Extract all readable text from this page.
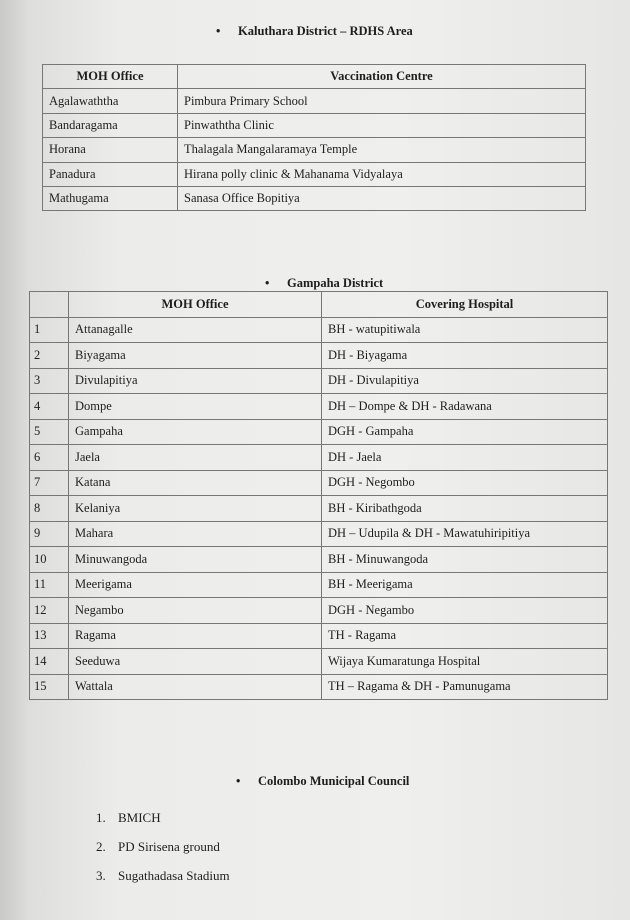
• Kaluthara District – RDHS Area
MOH Office	Vaccination Centre
Agalawaththa	Pimbura Primary School
Bandaragama	Pinwaththa Clinic
Horana	Thalagala Mangalaramaya Temple
Panadura	Hirana polly clinic & Mahanama Vidyalaya
Mathugama	Sanasa Office Bopitiya
• Gampaha District
	MOH Office	Covering Hospital
1	Attanagalle	BH - watupitiwala
2	Biyagama	DH - Biyagama
3	Divulapitiya	DH - Divulapitiya
4	Dompe	DH – Dompe & DH - Radawana
5	Gampaha	DGH - Gampaha
6	Jaela	DH - Jaela
7	Katana	DGH - Negombo
8	Kelaniya	BH - Kiribathgoda
9	Mahara	DH – Udupila & DH - Mawatuhiripitiya
10	Minuwangoda	BH - Minuwangoda
11	Meerigama	BH - Meerigama
12	Negambo	DGH - Negambo
13	Ragama	TH - Ragama
14	Seeduwa	Wijaya Kumaratunga Hospital
15	Wattala	TH – Ragama & DH - Pamunugama
• Colombo Municipal Council
1. BMICH
2. PD Sirisena ground
3. Sugathadasa Stadium
